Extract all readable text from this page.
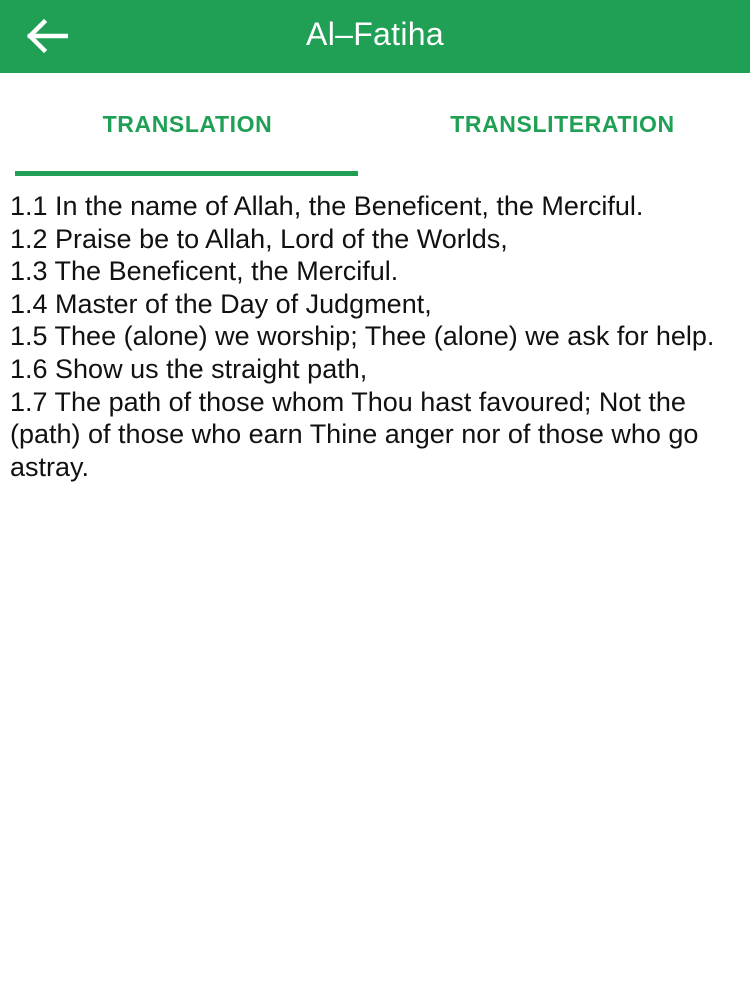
Al–Fatiha
TRANSLATION	TRANSLITERATION
1.1 In the name of Allah, the Beneficent, the Merciful.
1.2 Praise be to Allah, Lord of the Worlds,
1.3 The Beneficent, the Merciful.
1.4 Master of the Day of Judgment,
1.5 Thee (alone) we worship; Thee (alone) we ask for help.
1.6 Show us the straight path,
1.7 The path of those whom Thou hast favoured; Not the (path) of those who earn Thine anger nor of those who go astray.
